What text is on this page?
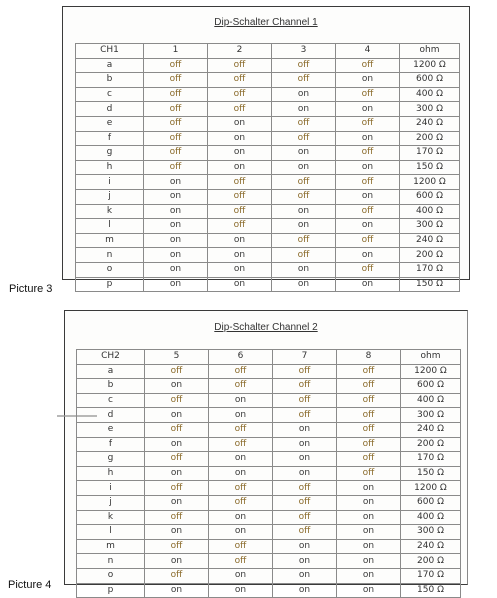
Dip-Schalter Channel 1
CH1	1	2	3	4	ohm
a	off	off	off	off	1200 Ω
b	off	off	off	on	600 Ω
c	off	off	on	off	400 Ω
d	off	off	on	on	300 Ω
e	off	on	off	off	240 Ω
f	off	on	off	on	200 Ω
g	off	on	on	off	170 Ω
h	off	on	on	on	150 Ω
i	on	off	off	off	1200 Ω
j	on	off	off	on	600 Ω
k	on	off	on	off	400 Ω
l	on	off	on	on	300 Ω
m	on	on	off	off	240 Ω
n	on	on	off	on	200 Ω
o	on	on	on	off	170 Ω
p	on	on	on	on	150 Ω
Picture 3
Dip-Schalter Channel 2
CH2	5	6	7	8	ohm
a	off	off	off	off	1200 Ω
b	on	off	off	off	600 Ω
c	off	on	off	off	400 Ω
d	on	on	off	off	300 Ω
e	off	off	on	off	240 Ω
f	on	off	on	off	200 Ω
g	off	on	on	off	170 Ω
h	on	on	on	off	150 Ω
i	off	off	off	on	1200 Ω
j	on	off	off	on	600 Ω
k	off	on	off	on	400 Ω
l	on	on	off	on	300 Ω
m	off	off	on	on	240 Ω
n	on	off	on	on	200 Ω
o	off	on	on	on	170 Ω
p	on	on	on	on	150 Ω
Picture 4
